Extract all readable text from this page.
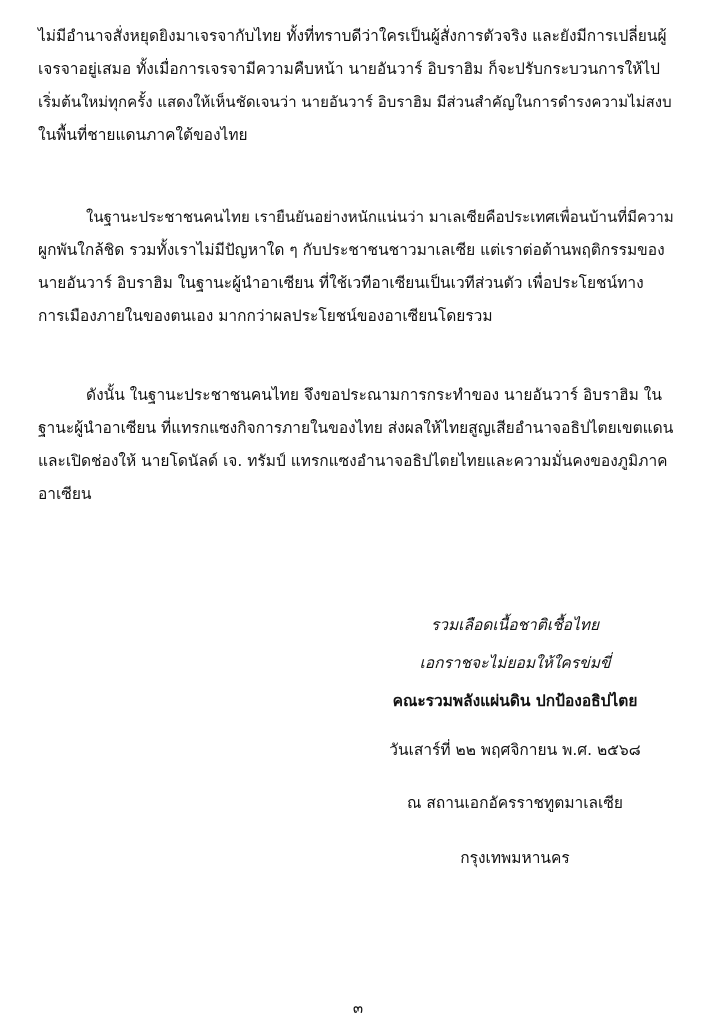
ไม่มีอำนาจสั่งหยุดยิงมาเจรจากับไทย ทั้งที่ทราบดีว่าใครเป็นผู้สั่งการตัวจริง และยังมีการเปลี่ยนผู้
เจรจาอยู่เสมอ ทั้งเมื่อการเจรจามีความคืบหน้า นายอันวาร์ อิบราฮิม ก็จะปรับกระบวนการให้ไป
เริ่มต้นใหม่ทุกครั้ง แสดงให้เห็นชัดเจนว่า นายอันวาร์ อิบราฮิม มีส่วนสำคัญในการดำรงความไม่สงบ
ในพื้นที่ชายแดนภาคใต้ของไทย
ในฐานะประชาชนคนไทย เรายืนยันอย่างหนักแน่นว่า มาเลเซียคือประเทศเพื่อนบ้านที่มีความ
ผูกพันใกล้ชิด รวมทั้งเราไม่มีปัญหาใด ๆ กับประชาชนชาวมาเลเซีย แต่เราต่อต้านพฤติกรรมของ
นายอันวาร์ อิบราฮิม ในฐานะผู้นำอาเซียน ที่ใช้เวทีอาเซียนเป็นเวทีส่วนตัว เพื่อประโยชน์ทาง
การเมืองภายในของตนเอง มากกว่าผลประโยชน์ของอาเซียนโดยรวม
ดังนั้น ในฐานะประชาชนคนไทย จึงขอประณามการกระทำของ นายอันวาร์ อิบราฮิม ใน
ฐานะผู้นำอาเซียน ที่แทรกแซงกิจการภายในของไทย ส่งผลให้ไทยสูญเสียอำนาจอธิปไตยเขตแดน
และเปิดช่องให้ นายโดนัลด์ เจ. ทรัมป์ แทรกแซงอำนาจอธิปไตยไทยและความมั่นคงของภูมิภาค
อาเซียน
รวมเลือดเนื้อชาติเชื้อไทย
เอกราชจะไม่ยอมให้ใครข่มขี่
คณะรวมพลังแผ่นดิน ปกป้องอธิปไตย
วันเสาร์ที่ ๒๒ พฤศจิกายน พ.ศ. ๒๕๖๘
ณ สถานเอกอัครราชทูตมาเลเซีย
กรุงเทพมหานคร
๓
